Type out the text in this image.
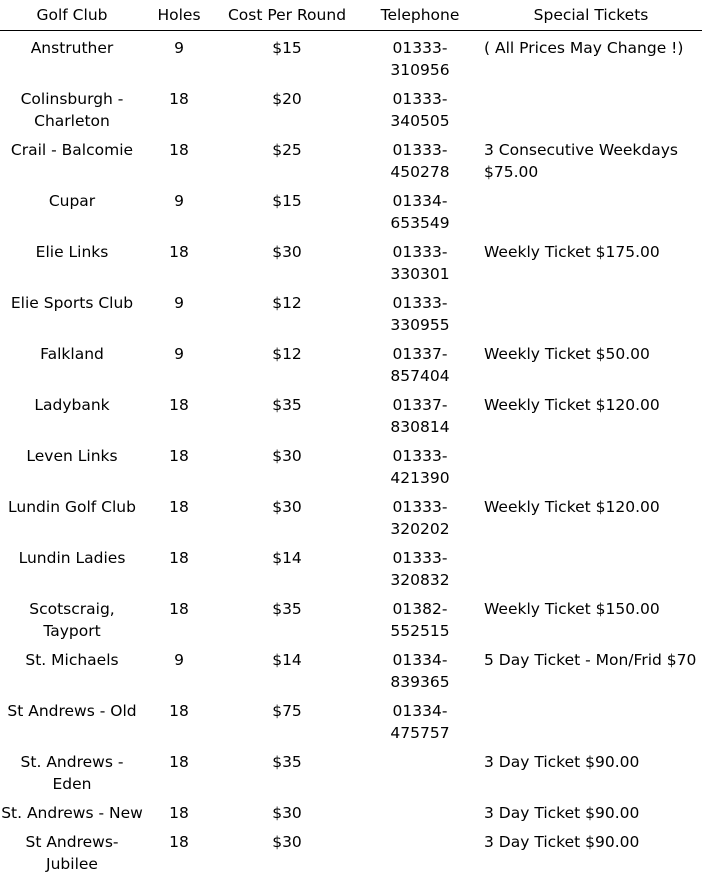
Golf Club	Holes	Cost Per Round	Telephone	Special Tickets
Anstruther	9	$15	01333-310956	( All Prices May Change !)
Colinsburgh - Charleton	18	$20	01333-340505	
Crail - Balcomie	18	$25	01333-450278	3 Consecutive Weekdays $75.00
Cupar	9	$15	01334-653549	
Elie Links	18	$30	01333-330301	Weekly Ticket $175.00
Elie Sports Club	9	$12	01333-330955	
Falkland	9	$12	01337-857404	Weekly Ticket $50.00
Ladybank	18	$35	01337-830814	Weekly Ticket $120.00
Leven Links	18	$30	01333-421390	
Lundin Golf Club	18	$30	01333-320202	Weekly Ticket $120.00
Lundin Ladies	18	$14	01333-320832	
Scotscraig, Tayport	18	$35	01382-552515	Weekly Ticket $150.00
St. Michaels	9	$14	01334-839365	5 Day Ticket - Mon/Frid $70
St Andrews - Old	18	$75	01334-475757	
St. Andrews - Eden	18	$35		3 Day Ticket $90.00
St. Andrews - New	18	$30		3 Day Ticket $90.00
St Andrews- Jubilee	18	$30		3 Day Ticket $90.00
